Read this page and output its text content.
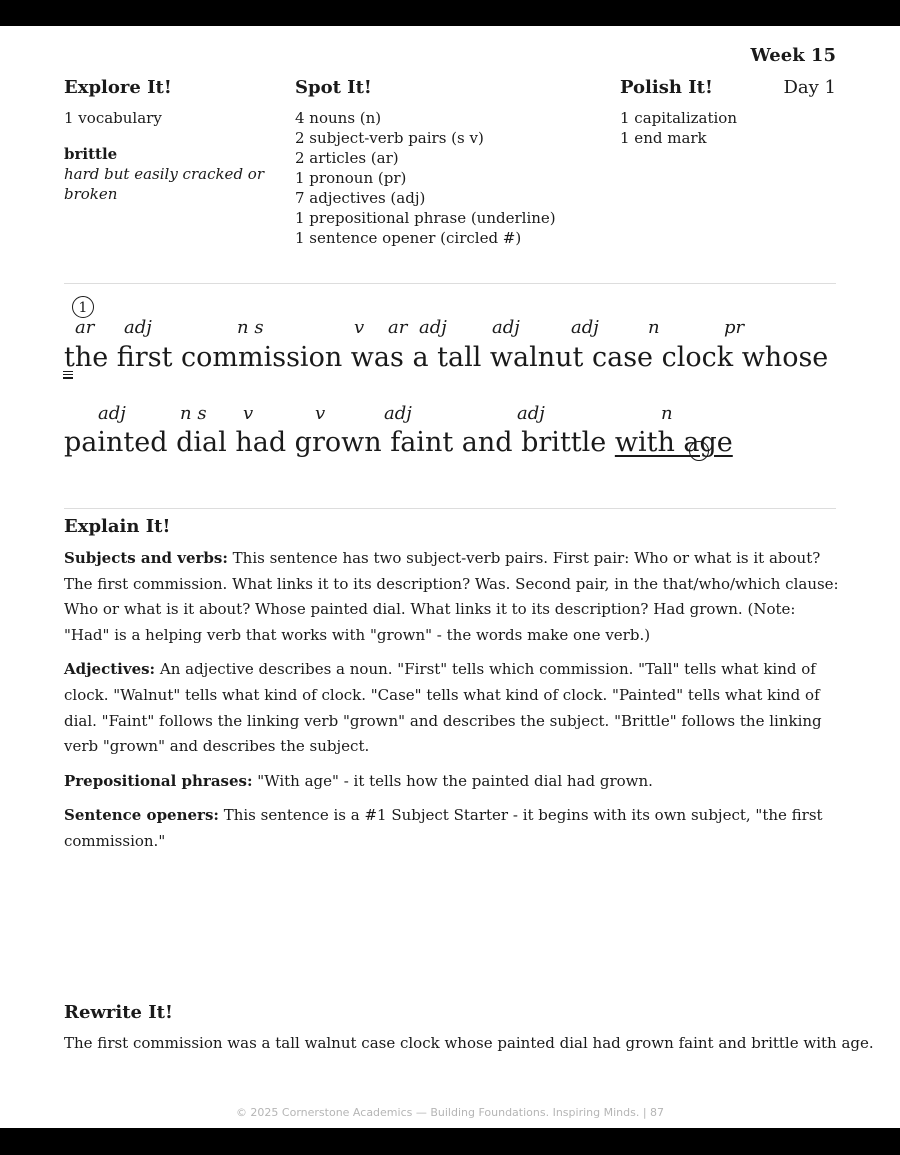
Week 15
Explore It!
1 vocabulary
brittle
hard but easily cracked or
broken
Spot It!
4 nouns (n)
2 subject-verb pairs (s v)
2 articles (ar)
1 pronoun (pr)
7 adjectives (adj)
1 prepositional phrase (underline)
1 sentence opener (circled #)
Polish It!
1 capitalization
1 end mark
Day 1
1
ar adj	n s	v ar adj	adj	adj	n	pr
the first commission was a tall walnut case clock whose
adj	n s v	v	adj	adj	n
painted dial had grown faint and brittle with age
Explain It!

Subjects and verbs: This sentence has two subject-verb pairs. First pair: Who or what is it about? The first commission. What links it to its description? Was. Second pair, in the that/who/which clause: Who or what is it about? Whose painted dial. What links it to its description? Had grown. (Note: "Had" is a helping verb that works with "grown" - the words make one verb.)

Adjectives: An adjective describes a noun. "First" tells which commission. "Tall" tells what kind of clock. "Walnut" tells what kind of clock. "Case" tells what kind of clock. "Painted" tells what kind of dial. "Faint" follows the linking verb "grown" and describes the subject. "Brittle" follows the linking verb "grown" and describes the subject.

Prepositional phrases: "With age" - it tells how the painted dial had grown.

Sentence openers: This sentence is a #1 Subject Starter - it begins with its own subject, "the first commission."

Rewrite It!
The first commission was a tall walnut case clock whose painted dial had grown faint and brittle with age.
© 2025 Cornerstone Academics — Building Foundations. Inspiring Minds. | 87
